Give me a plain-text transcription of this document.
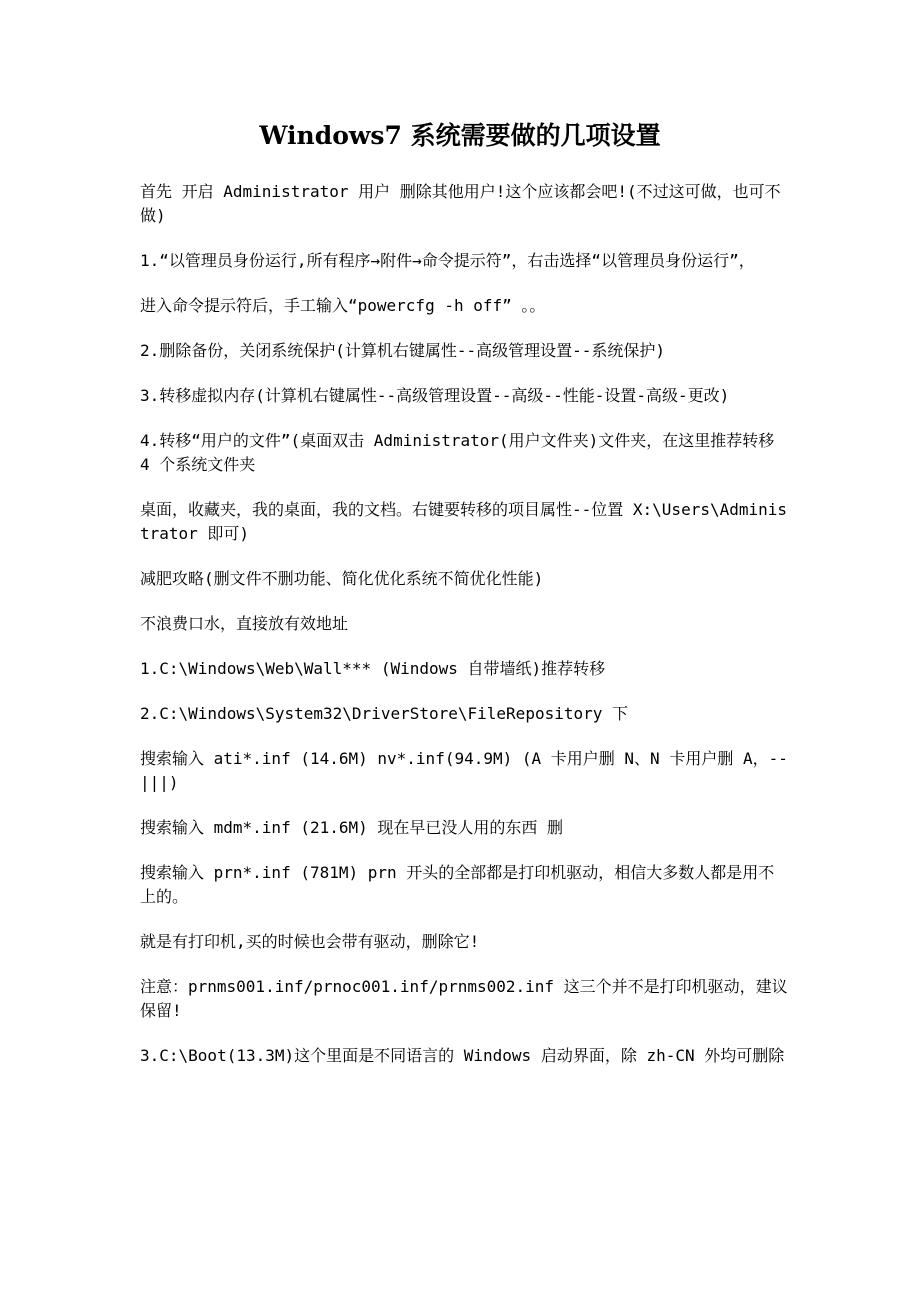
Windows7 系统需要做的几项设置

首先 开启 Administrator 用户 删除其他用户!这个应该都会吧!(不过这可做，也可不做)

1.“以管理员身份运行,所有程序→附件→命令提示符”，右击选择“以管理员身份运行”，

进入命令提示符后，手工输入“powercfg -h off” 。。

2.删除备份，关闭系统保护(计算机右键属性--高级管理设置--系统保护)

3.转移虚拟内存(计算机右键属性--高级管理设置--高级--性能-设置-高级-更改)

4.转移“用户的文件”(桌面双击 Administrator(用户文件夹)文件夹，在这里推荐转移 4 个系统文件夹

桌面，收藏夹，我的桌面，我的文档。右键要转移的项目属性--位置 X:\Users\Administrator 即可)

减肥攻略(删文件不删功能、简化优化系统不简优化性能)

不浪费口水，直接放有效地址

1.C:\Windows\Web\Wall*** (Windows 自带墙纸)推荐转移

2.C:\Windows\System32\DriverStore\FileRepository 下

搜索输入 ati*.inf (14.6M) nv*.inf(94.9M) (A 卡用户删 N、N 卡用户删 A，--|||)

搜索输入 mdm*.inf (21.6M) 现在早已没人用的东西 删

搜索输入 prn*.inf (781M) prn 开头的全部都是打印机驱动，相信大多数人都是用不上的。

就是有打印机,买的时候也会带有驱动，删除它!

注意：prnms001.inf/prnoc001.inf/prnms002.inf 这三个并不是打印机驱动，建议保留!

3.C:\Boot(13.3M)这个里面是不同语言的 Windows 启动界面，除 zh-CN 外均可删除
